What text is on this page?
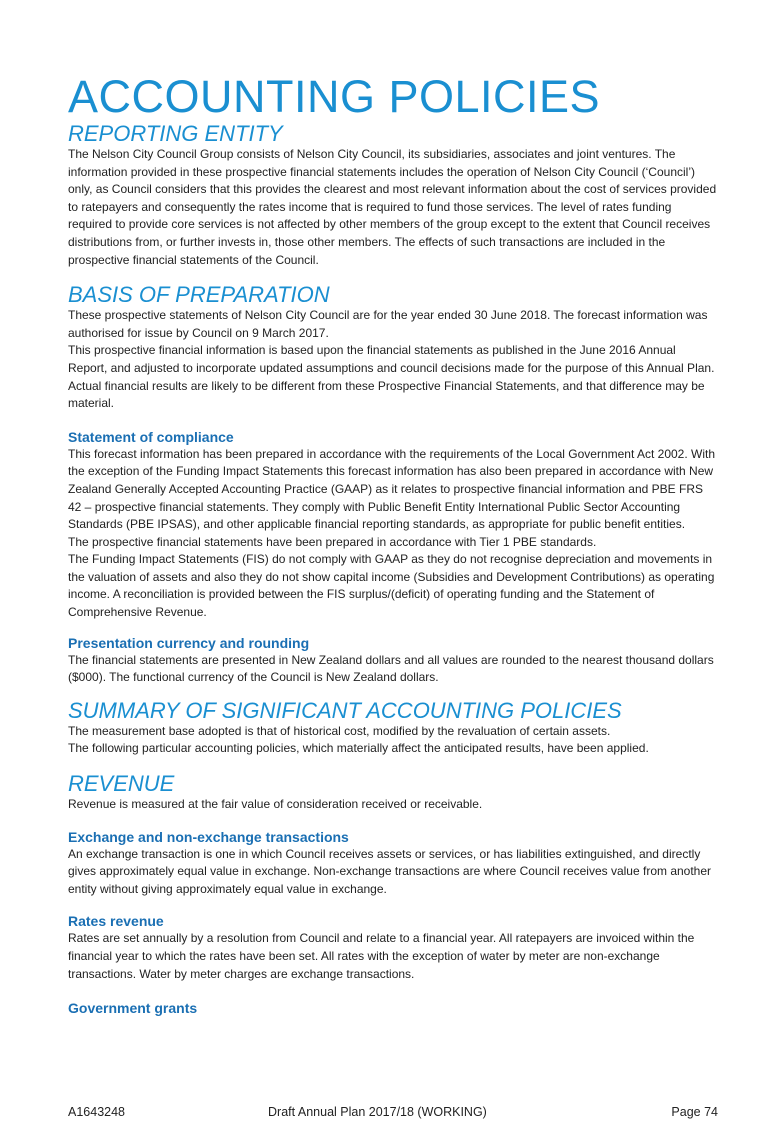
ACCOUNTING POLICIES
REPORTING ENTITY

The Nelson City Council Group consists of Nelson City Council, its subsidiaries, associates and joint ventures. The information provided in these prospective financial statements includes the operation of Nelson City Council (‘Council’) only, as Council considers that this provides the clearest and most relevant information about the cost of services provided to ratepayers and consequently the rates income that is required to fund those services. The level of rates funding required to provide core services is not affected by other members of the group except to the extent that Council receives distributions from, or further invests in, those other members. The effects of such transactions are included in the prospective financial statements of the Council.

BASIS OF PREPARATION

These prospective statements of Nelson City Council are for the year ended 30 June 2018. The forecast information was authorised for issue by Council on 9 March 2017.

This prospective financial information is based upon the financial statements as published in the June 2016 Annual Report, and adjusted to incorporate updated assumptions and council decisions made for the purpose of this Annual Plan. Actual financial results are likely to be different from these Prospective Financial Statements, and that difference may be material.

Statement of compliance

This forecast information has been prepared in accordance with the requirements of the Local Government Act 2002. With the exception of the Funding Impact Statements this forecast information has also been prepared in accordance with New Zealand Generally Accepted Accounting Practice (GAAP) as it relates to prospective financial information and PBE FRS 42 – prospective financial statements. They comply with Public Benefit Entity International Public Sector Accounting Standards (PBE IPSAS), and other applicable financial reporting standards, as appropriate for public benefit entities.

The prospective financial statements have been prepared in accordance with Tier 1 PBE standards.

The Funding Impact Statements (FIS) do not comply with GAAP as they do not recognise depreciation and movements in the valuation of assets and also they do not show capital income (Subsidies and Development Contributions) as operating income. A reconciliation is provided between the FIS surplus/(deficit) of operating funding and the Statement of Comprehensive Revenue.

Presentation currency and rounding

The financial statements are presented in New Zealand dollars and all values are rounded to the nearest thousand dollars ($000). The functional currency of the Council is New Zealand dollars.

SUMMARY OF SIGNIFICANT ACCOUNTING POLICIES

The measurement base adopted is that of historical cost, modified by the revaluation of certain assets.

The following particular accounting policies, which materially affect the anticipated results, have been applied.

REVENUE

Revenue is measured at the fair value of consideration received or receivable.

Exchange and non-exchange transactions

An exchange transaction is one in which Council receives assets or services, or has liabilities extinguished, and directly gives approximately equal value in exchange. Non-exchange transactions are where Council receives value from another entity without giving approximately equal value in exchange.

Rates revenue

Rates are set annually by a resolution from Council and relate to a financial year. All ratepayers are invoiced within the financial year to which the rates have been set. All rates with the exception of water by meter are non-exchange transactions. Water by meter charges are exchange transactions.

Government grants
A1643248	Draft Annual Plan 2017/18 (WORKING)	Page 74
